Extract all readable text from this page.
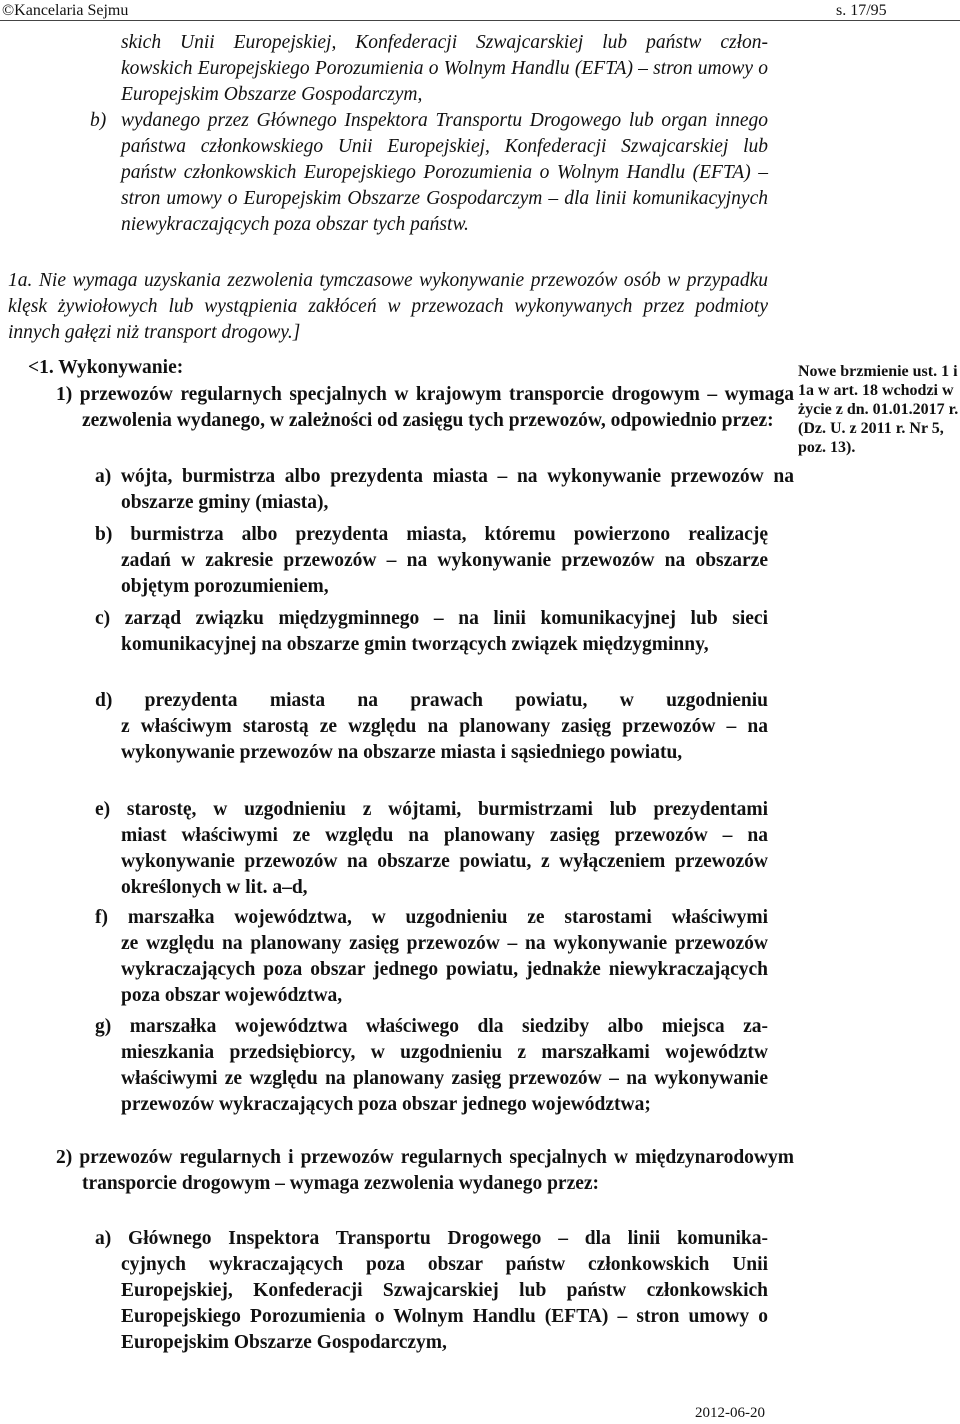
©Kancelaria Sejmu	s. 17/95

skich Unii Europejskiej, Konfederacji Szwajcarskiej lub państw człon-

kowskich Europejskiego Porozumienia o Wolnym Handlu (EFTA) – stron umowy o Europejskim Obszarze Gospodarczym,

b) wydanego przez Głównego Inspektora Transportu Drogowego lub organ innego państwa członkowskiego Unii Europejskiej, Konfederacji Szwajcarskiej lub państw członkowskich Europejskiego Porozumienia o Wolnym Handlu (EFTA) – stron umowy o Europejskim Obszarze Gospodarczym – dla linii komunikacyjnych niewykraczających poza obszar tych państw.

1a. Nie wymaga uzyskania zezwolenia tymczasowe wykonywanie przewozów osób w przypadku klęsk żywiołowych lub wystąpienia zakłóceń w przewozach wykonywanych przez podmioty innych gałęzi niż transport drogowy.]

<1. Wykonywanie:

1) przewozów regularnych specjalnych w krajowym transporcie drogowym – wymaga zezwolenia wydanego, w zależności od zasięgu tych przewozów, odpowiednio przez:

a) wójta, burmistrza albo prezydenta miasta – na wykonywanie przewozów na obszarze gminy (miasta),

b) burmistrza albo prezydenta miasta, któremu powierzono realizację

zadań w zakresie przewozów – na wykonywanie przewozów na obszarze objętym porozumieniem,

c) zarząd związku międzygminnego – na linii komunikacyjnej lub sieci

komunikacyjnej na obszarze gmin tworzących związek międzygminny,

d) prezydenta miasta na prawach powiatu, w uzgodnieniu

z właściwym starostą ze względu na planowany zasięg przewozów – na wykonywanie przewozów na obszarze miasta i sąsiedniego powiatu,

e) starostę, w uzgodnieniu z wójtami, burmistrzami lub prezydentami

miast właściwymi ze względu na planowany zasięg przewozów – na wykonywanie przewozów na obszarze powiatu, z wyłączeniem przewozów określonych w lit. a–d,

f) marszałka województwa, w uzgodnieniu ze starostami właściwymi

ze względu na planowany zasięg przewozów – na wykonywanie przewozów wykraczających poza obszar jednego powiatu, jednakże niewykraczających poza obszar województwa,

g) marszałka województwa właściwego dla siedziby albo miejsca za-

mieszkania przedsiębiorcy, w uzgodnieniu z marszałkami województw właściwymi ze względu na planowany zasięg przewozów – na wykonywanie przewozów wykraczających poza obszar jednego województwa;

2) przewozów regularnych i przewozów regularnych specjalnych w międzynarodowym transporcie drogowym – wymaga zezwolenia wydanego przez:

a) Głównego Inspektora Transportu Drogowego – dla linii komunika-

cyjnych wykraczających poza obszar państw członkowskich Unii Europejskiej, Konfederacji Szwajcarskiej lub państw członkowskich Europejskiego Porozumienia o Wolnym Handlu (EFTA) – stron umowy o Europejskim Obszarze Gospodarczym,

Nowe brzmienie ust. 1 i 1a w art. 18 wchodzi w życie z dn. 01.01.2017 r. (Dz. U. z 2011 r. Nr 5, poz. 13).
2012-06-20
